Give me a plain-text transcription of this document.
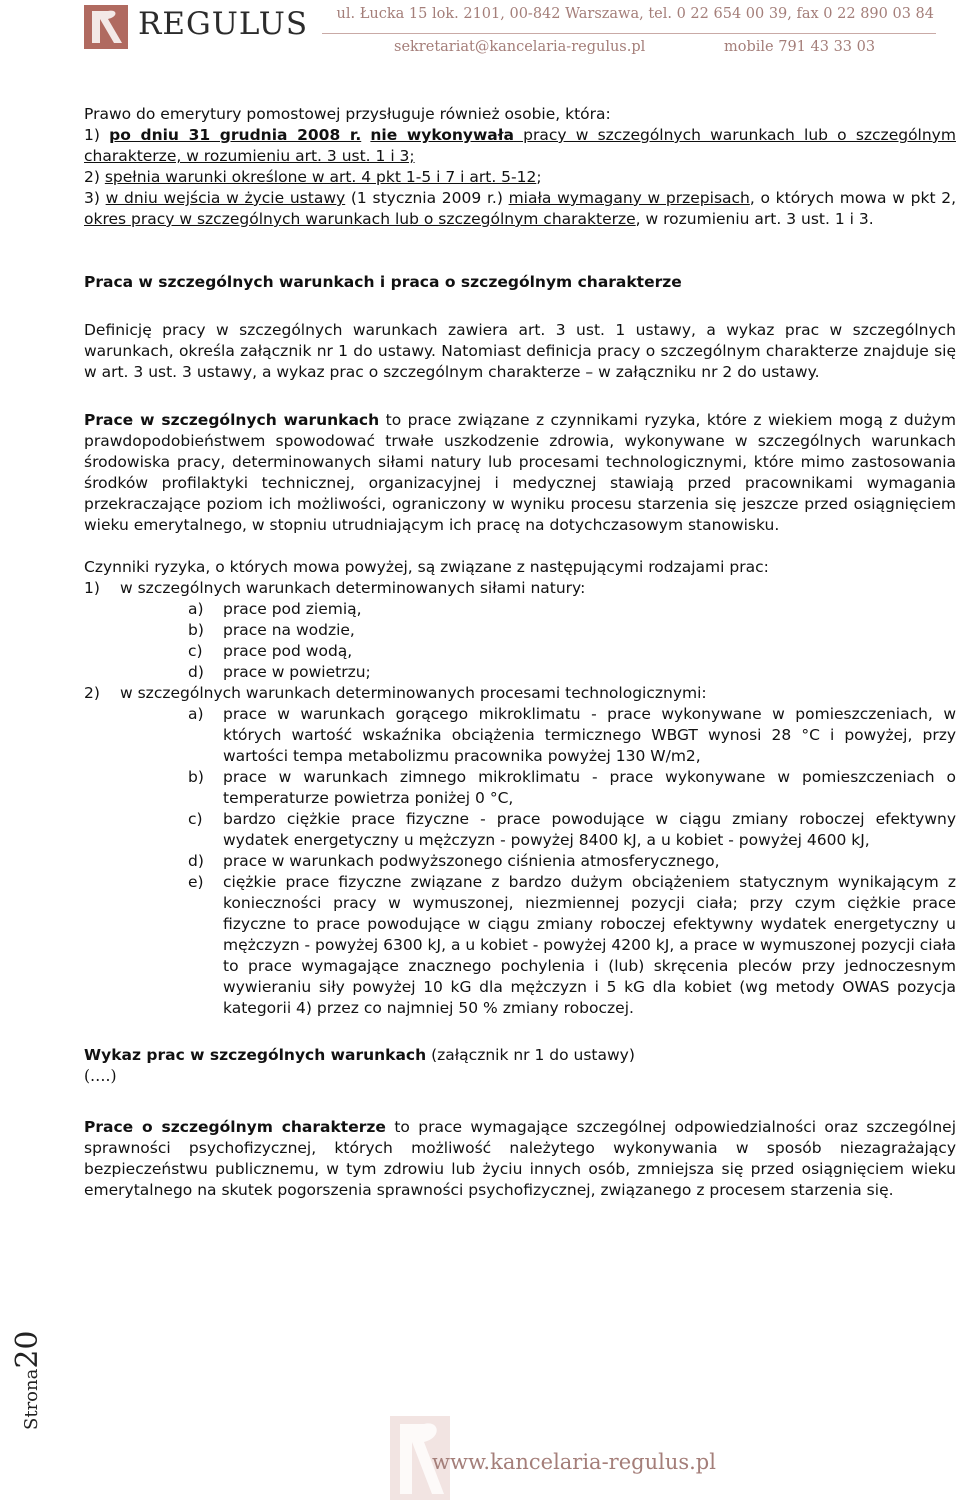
REGULUS ul. Łucka 15 lok. 2101, 00-842 Warszawa, tel. 0 22 654 00 39, fax 0 22 890 03 84
sekretariat@kancelaria-regulus.pl	mobile 791 43 33 03

Prawo do emerytury pomostowej przysługuje również osobie, która:

1) po dniu 31 grudnia 2008 r. nie wykonywała pracy w szczególnych warunkach lub o szczególnym charakterze, w rozumieniu art. 3 ust. 1 i 3;

2) spełnia warunki określone w art. 4 pkt 1-5 i 7 i art. 5-12;

3) w dniu wejścia w życie ustawy (1 stycznia 2009 r.) miała wymagany w przepisach, o których mowa w pkt 2, okres pracy w szczególnych warunkach lub o szczególnym charakterze, w rozumieniu art. 3 ust. 1 i 3.

Praca w szczególnych warunkach i praca o szczególnym charakterze

Definicję pracy w szczególnych warunkach zawiera art. 3 ust. 1 ustawy, a wykaz prac w szczególnych warunkach, określa załącznik nr 1 do ustawy. Natomiast definicja pracy o szczególnym charakterze znajduje się w art. 3 ust. 3 ustawy, a wykaz prac o szczególnym charakterze – w załączniku nr 2 do ustawy.

Prace w szczególnych warunkach to prace związane z czynnikami ryzyka, które z wiekiem mogą z dużym prawdopodobieństwem spowodować trwałe uszkodzenie zdrowia, wykonywane w szczególnych warunkach środowiska pracy, determinowanych siłami natury lub procesami technologicznymi, które mimo zastosowania środków profilaktyki technicznej, organizacyjnej i medycznej stawiają przed pracownikami wymagania przekraczające poziom ich możliwości, ograniczony w wyniku procesu starzenia się jeszcze przed osiągnięciem wieku emerytalnego, w stopniu utrudniającym ich pracę na dotychczasowym stanowisku.

Czynniki ryzyka, o których mowa powyżej, są związane z następującymi rodzajami prac:

1) w szczególnych warunkach determinowanych siłami natury:

a) prace pod ziemią,

b) prace na wodzie,

c) prace pod wodą,

d) prace w powietrzu;

2) w szczególnych warunkach determinowanych procesami technologicznymi:

a) prace w warunkach gorącego mikroklimatu - prace wykonywane w pomieszczeniach, w których wartość wskaźnika obciążenia termicznego WBGT wynosi 28 °C i powyżej, przy wartości tempa metabolizmu pracownika powyżej 130 W/m2,

b) prace w warunkach zimnego mikroklimatu - prace wykonywane w pomieszczeniach o temperaturze powietrza poniżej 0 °C,

c) bardzo ciężkie prace fizyczne - prace powodujące w ciągu zmiany roboczej efektywny wydatek energetyczny u mężczyzn - powyżej 8400 kJ, a u kobiet - powyżej 4600 kJ,

d) prace w warunkach podwyższonego ciśnienia atmosferycznego,

e) ciężkie prace fizyczne związane z bardzo dużym obciążeniem statycznym wynikającym z konieczności pracy w wymuszonej, niezmiennej pozycji ciała; przy czym ciężkie prace fizyczne to prace powodujące w ciągu zmiany roboczej efektywny wydatek energetyczny u mężczyzn - powyżej 6300 kJ, a u kobiet - powyżej 4200 kJ, a prace w wymuszonej pozycji ciała to prace wymagające znacznego pochylenia i (lub) skręcenia pleców przy jednoczesnym wywieraniu siły powyżej 10 kG dla mężczyzn i 5 kG dla kobiet (wg metody OWAS pozycja kategorii 4) przez co najmniej 50 % zmiany roboczej.

Wykaz prac w szczególnych warunkach (załącznik nr 1 do ustawy)

(….)

Prace o szczególnym charakterze to prace wymagające szczególnej odpowiedzialności oraz szczególnej sprawności psychofizycznej, których możliwość należytego wykonywania w sposób niezagrażający bezpieczeństwu publicznemu, w tym zdrowiu lub życiu innych osób, zmniejsza się przed osiągnięciem wieku emerytalnego na skutek pogorszenia sprawności psychofizycznej, związanego z procesem starzenia się.

Strona20
www.kancelaria-regulus.pl
